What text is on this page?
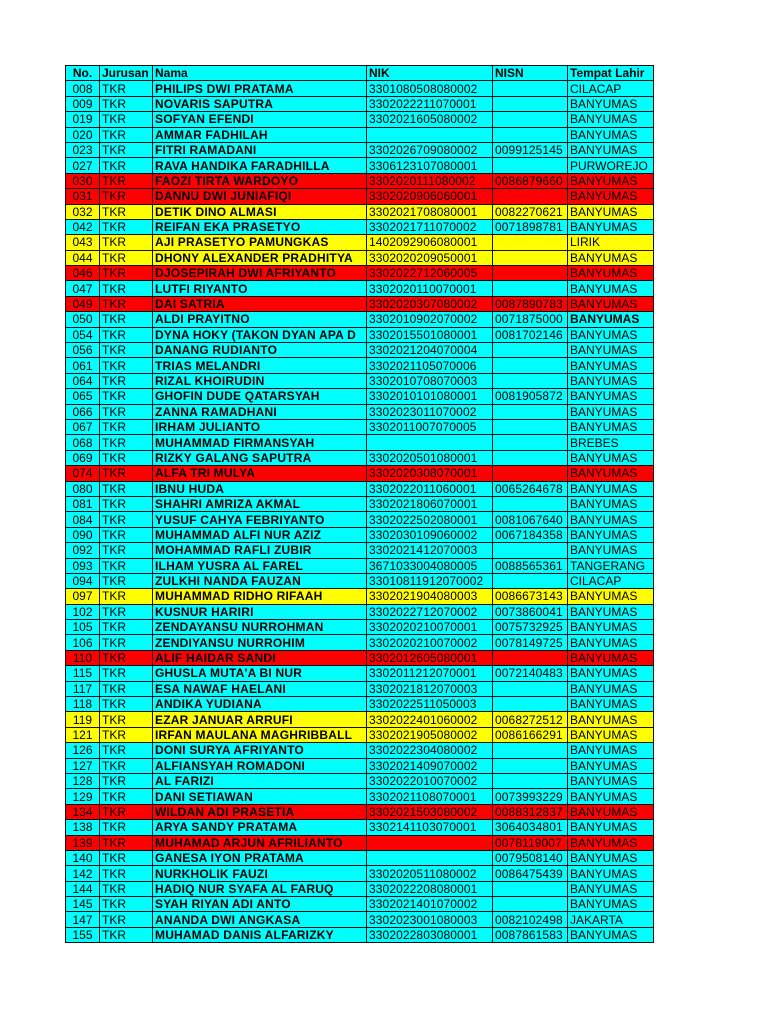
No.	Jurusan	Nama	NIK	NISN	Tempat Lahir
008	TKR	PHILIPS DWI PRATAMA	3301080508080002		CILACAP
009	TKR	NOVARIS SAPUTRA	3302022211070001		BANYUMAS
019	TKR	SOFYAN EFENDI	3302021605080002		BANYUMAS
020	TKR	AMMAR FADHILAH			BANYUMAS
023	TKR	FITRI RAMADANI	3302026709080002	0099125145	BANYUMAS
027	TKR	RAVA HANDIKA FARADHILLA	3306123107080001		PURWOREJO
030	TKR	FAOZI TIRTA WARDOYO	3302020111080002	0086879660	BANYUMAS
031	TKR	DANNU DWI JUNIAFIQI	3302020906060001		BANYUMAS
032	TKR	DETIK DINO ALMASI	3302021708080001	0082270621	BANYUMAS
042	TKR	REIFAN EKA PRASETYO	3302021711070002	0071898781	BANYUMAS
043	TKR	AJI PRASETYO PAMUNGKAS	1402092906080001		LIRIK
044	TKR	DHONY ALEXANDER PRADHITYA	3302020209050001		BANYUMAS
046	TKR	DJOSEPIRAH DWI AFRIYANTO	3302022712060005		BANYUMAS
047	TKR	LUTFI RIYANTO	3302020110070001		BANYUMAS
049	TKR	DAI SATRIA	3302020307080002	0087890783	BANYUMAS
050	TKR	ALDI PRAYITNO	3302010902070002	0071875000	BANYUMAS
054	TKR	DYNA HOKY (TAKON DYAN APA D	3302015501080001	0081702146	BANYUMAS
056	TKR	DANANG RUDIANTO	3302021204070004		BANYUMAS
061	TKR	TRIAS MELANDRI	3302021105070006		BANYUMAS
064	TKR	RIZAL KHOIRUDIN	3302010708070003		BANYUMAS
065	TKR	GHOFIN DUDE QATARSYAH	3302010101080001	0081905872	BANYUMAS
066	TKR	ZANNA RAMADHANI	3302023011070002		BANYUMAS
067	TKR	IRHAM JULIANTO	3302011007070005		BANYUMAS
068	TKR	MUHAMMAD FIRMANSYAH			BREBES
069	TKR	RIZKY GALANG SAPUTRA	3302020501080001		BANYUMAS
074	TKR	ALFA TRI MULYA	3302020308070001		BANYUMAS
080	TKR	IBNU HUDA	3302022011060001	0065264678	BANYUMAS
081	TKR	SHAHRI AMRIZA AKMAL	3302021806070001		BANYUMAS
084	TKR	YUSUF CAHYA FEBRIYANTO	3302022502080001	0081067640	BANYUMAS
090	TKR	MUHAMMAD ALFI NUR AZIZ	3302030109060002	0067184358	BANYUMAS
092	TKR	MOHAMMAD RAFLI ZUBIR	3302021412070003		BANYUMAS
093	TKR	ILHAM YUSRA AL FAREL	3671033004080005	0088565361	TANGERANG
094	TKR	ZULKHI NANDA FAUZAN	33010811912070002		CILACAP
097	TKR	MUHAMMAD RIDHO RIFAAH	3302021904080003	0086673143	BANYUMAS
102	TKR	KUSNUR HARIRI	3302022712070002	0073860041	BANYUMAS
105	TKR	ZENDAYANSU NURROHMAN	3302020210070001	0075732925	BANYUMAS
106	TKR	ZENDIYANSU NURROHIM	3302020210070002	0078149725	BANYUMAS
110	TKR	ALIF HAIDAR SANDI	3302012605080001		BANYUMAS
115	TKR	GHUSLA MUTA'A BI NUR	3302011212070001	0072140483	BANYUMAS
117	TKR	ESA NAWAF HAELANI	3302021812070003		BANYUMAS
118	TKR	ANDIKA YUDIANA	3302022511050003		BANYUMAS
119	TKR	EZAR JANUAR ARRUFI	3302022401060002	0068272512	BANYUMAS
121	TKR	IRFAN MAULANA MAGHRIBBALL	3302021905080002	0086166291	BANYUMAS
126	TKR	DONI SURYA AFRIYANTO	3302022304080002		BANYUMAS
127	TKR	ALFIANSYAH ROMADONI	3302021409070002		BANYUMAS
128	TKR	AL FARIZI	3302022010070002		BANYUMAS
129	TKR	DANI SETIAWAN	3302021108070001	0073993229	BANYUMAS
134	TKR	WILDAN ADI PRASETIA	3302021503080002	0088312837	BANYUMAS
138	TKR	ARYA SANDY PRATAMA	3302141103070001	3064034801	BANYUMAS
139	TKR	MUHAMAD ARJUN AFRILIANTO		0078119007	BANYUMAS
140	TKR	GANESA IYON PRATAMA		0079508140	BANYUMAS
142	TKR	NURKHOLIK FAUZI	3302020511080002	0086475439	BANYUMAS
144	TKR	HADIQ NUR SYAFA AL FARUQ	3302022208080001		BANYUMAS
145	TKR	SYAH RIYAN ADI ANTO	3302021401070002		BANYUMAS
147	TKR	ANANDA DWI ANGKASA	3302023001080003	0082102498	JAKARTA
155	TKR	MUHAMAD DANIS ALFARIZKY	3302022803080001	0087861583	BANYUMAS
